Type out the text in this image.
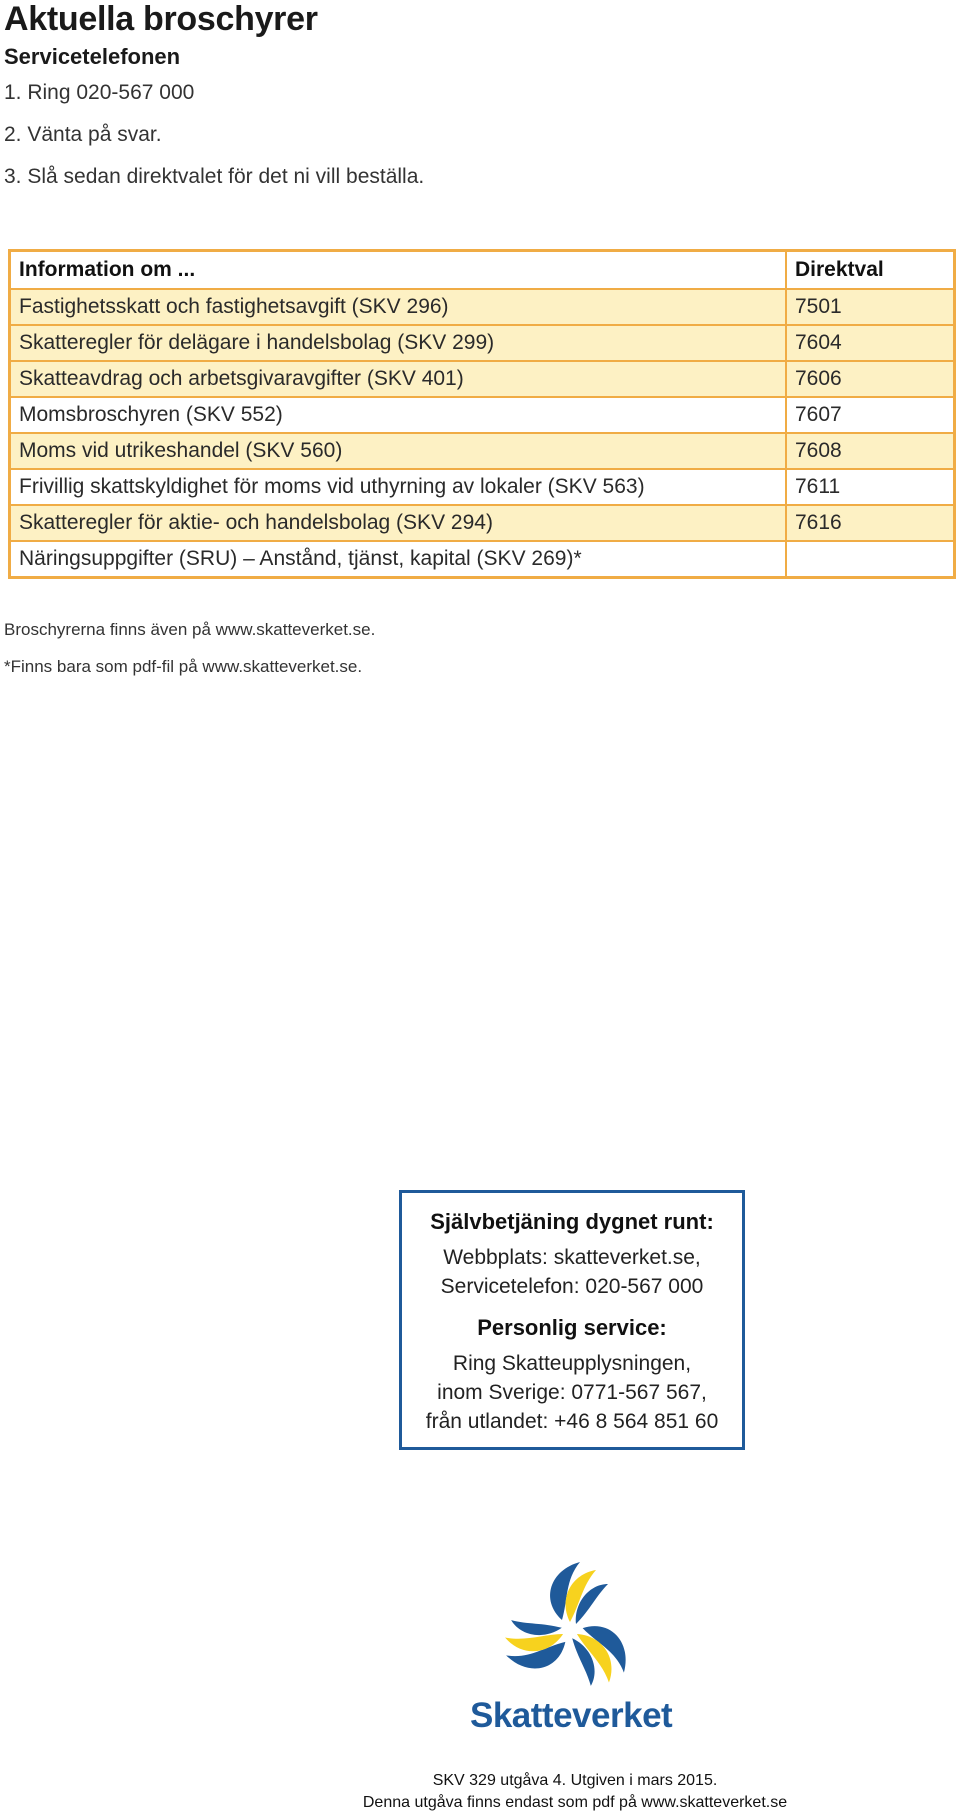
Aktuella broschyrer
Servicetelefonen
1. Ring 020-567 000
2. Vänta på svar.
3. Slå sedan direktvalet för det ni vill beställa.
Information om ...	Direktval
Fastighetsskatt och fastighetsavgift (SKV 296)	7501
Skatteregler för delägare i handelsbolag (SKV 299)	7604
Skatteavdrag och arbetsgivaravgifter (SKV 401)	7606
Momsbroschyren (SKV 552)	7607
Moms vid utrikeshandel (SKV 560)	7608
Frivillig skattskyldighet för moms vid uthyrning av lokaler (SKV 563)	7611
Skatteregler för aktie- och handelsbolag (SKV 294)	7616
Näringsuppgifter (SRU) – Anstånd, tjänst, kapital (SKV 269)*	
Broschyrerna finns även på www.skatteverket.se.
*Finns bara som pdf-fil på www.skatteverket.se.
Självbetjäning dygnet runt:
Webbplats: skatteverket.se,
Servicetelefon: 020-567 000
Personlig service:
Ring Skatteupplysningen,
inom Sverige: 0771-567 567,
från utlandet: +46 8 564 851 60
Skatteverket
SKV 329 utgåva 4. Utgiven i mars 2015.
Denna utgåva finns endast som pdf på www.skatteverket.se
